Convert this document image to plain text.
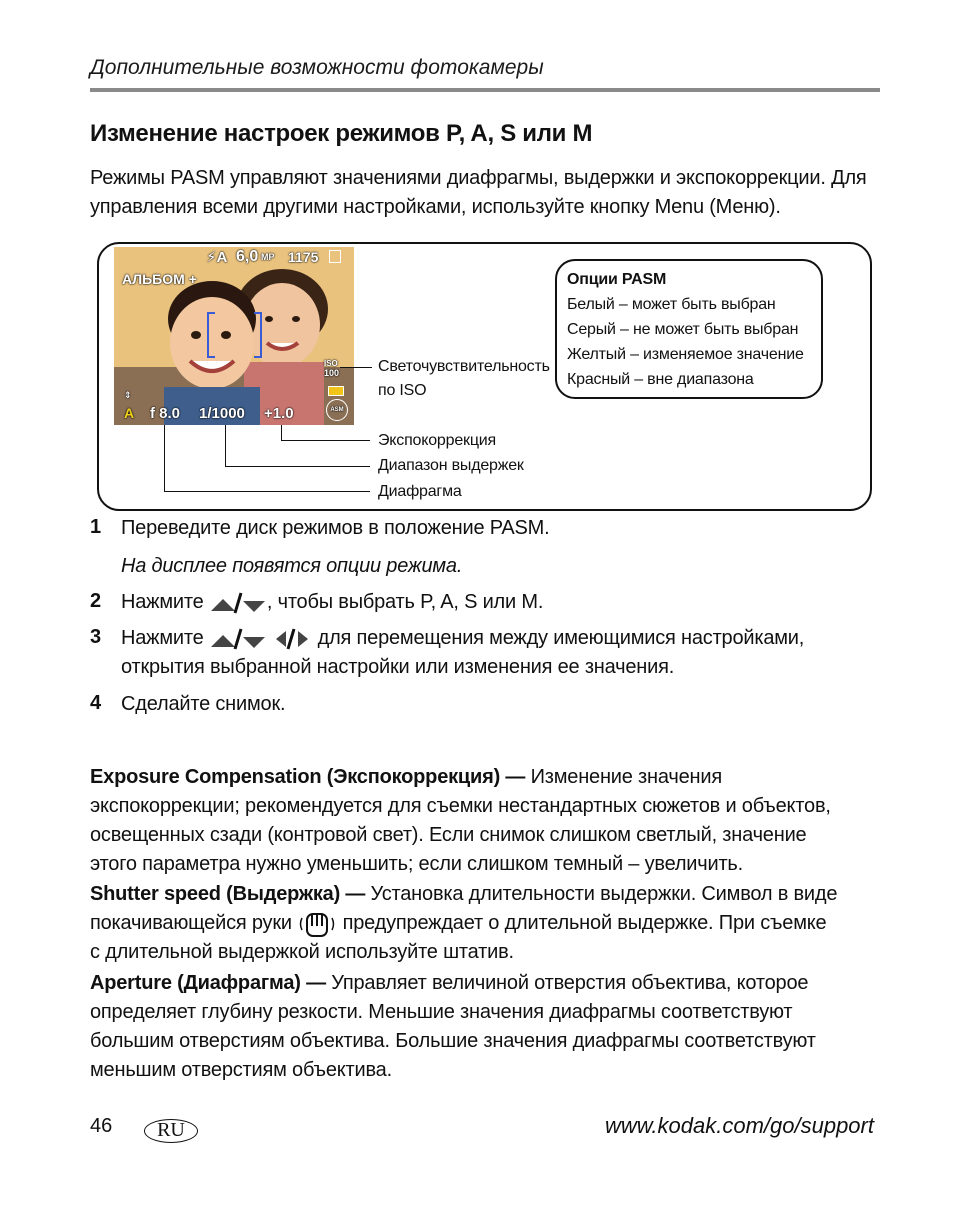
Дополнительные возможности фотокамеры
Изменение настроек режимов P, A, S или M
Режимы PASM управляют значениями диафрагмы, выдержки и экспокоррекции. Для управления всеми другими настройками, используйте кнопку Menu (Меню).
⚡A 6,0 MP 1175
АЛЬБОМ +
ISO
100
⇕
A f 8.0 1/1000 +1.0	ASM
Светочувствительность
по ISO
Экспокоррекция
Диапазон выдержек
Диафрагма
Опции PASM
Белый – может быть выбран
Серый – не может быть выбран
Желтый – изменяемое значение
Красный – вне диапазона
1 Переведите диск режимов в положение PASM.
На дисплее появятся опции режима.
2 Нажмите	, чтобы выбрать P, A, S или M.
3 Нажмите	для перемещения между имеющимися настройками,
открытия выбранной настройки или изменения ее значения.
4 Сделайте снимок.
Exposure Compensation (Экспокоррекция) — Изменение значения
экспокоррекции; рекомендуется для съемки нестандартных сюжетов и объектов,
освещенных сзади (контровой свет). Если снимок слишком светлый, значение
этого параметра нужно уменьшить; если слишком темный – увеличить.
Shutter speed (Выдержка) — Установка длительности выдержки. Символ в виде
покачивающейся руки  предупреждает о длительной выдержке. При съемке
с длительной выдержкой используйте штатив.
Aperture (Диафрагма) — Управляет величиной отверстия объектива, которое
определяет глубину резкости. Меньшие значения диафрагмы соответствуют
большим отверстиям объектива. Большие значения диафрагмы соответствуют
меньшим отверстиям объектива.
46	RU	www.kodak.com/go/support
